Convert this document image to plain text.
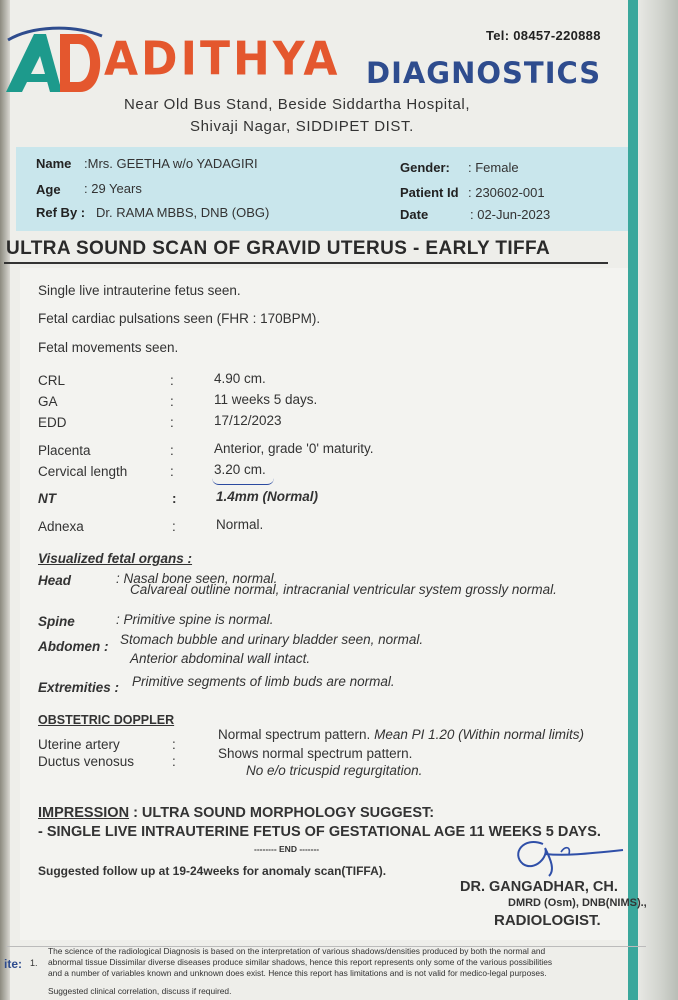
Tel: 08457-220888
ADITHYA DIAGNOSTICS
Near Old Bus Stand, Beside Siddartha Hospital,
Shivaji Nagar, SIDDIPET DIST.
Name :Mrs. GEETHA w/o YADAGIRI
Age : 29 Years
Ref By : Dr. RAMA MBBS, DNB (OBG)
Gender: : Female
Patient Id : 230602-001
Date	: 02-Jun-2023
ULTRA SOUND SCAN OF GRAVID UTERUS - EARLY TIFFA
Single live intrauterine fetus seen.
Fetal cardiac pulsations seen (FHR : 170BPM).
Fetal movements seen.
CRL	:	4.90 cm.
GA	:	11 weeks 5 days.
EDD	:	17/12/2023
Placenta	:	Anterior, grade '0' maturity.
Cervical length	:	3.20 cm.
NT	:	1.4mm (Normal)
Adnexa	:	Normal.
Visualized fetal organs :
Head	: Nasal bone seen, normal.
Calvareal outline normal, intracranial ventricular system grossly normal.
Spine	: Primitive spine is normal.
Abdomen : Stomach bubble and urinary bladder seen, normal.
Anterior abdominal wall intact.
Extremities : Primitive segments of limb buds are normal.
OBSTETRIC DOPPLER
Uterine artery	:
Normal spectrum pattern. Mean PI 1.20 (Within normal limits)
Ductus venosus	:
Shows normal spectrum pattern.
No e/o tricuspid regurgitation.
IMPRESSION : ULTRA SOUND MORPHOLOGY SUGGEST:
- SINGLE LIVE INTRAUTERINE FETUS OF GESTATIONAL AGE 11 WEEKS 5 DAYS.
-------- END -------
Suggested follow up at 19-24weeks for anomaly scan(TIFFA).
DR. GANGADHAR, CH.
DMRD (Osm), DNB(NIMS).,
RADIOLOGIST.
ite: 1.
The science of the radiological Diagnosis is based on the interpretation of various shadows/densities produced by both the normal and
abnormal tissue Dissimilar diverse diseases produce similar shadows, hence this report represents only some of the various possibilities
and a number of variables known and unknown does exist. Hence this report has limitations and is not valid for medico-legal purposes.
Suggested clinical correlation, discuss if required.
